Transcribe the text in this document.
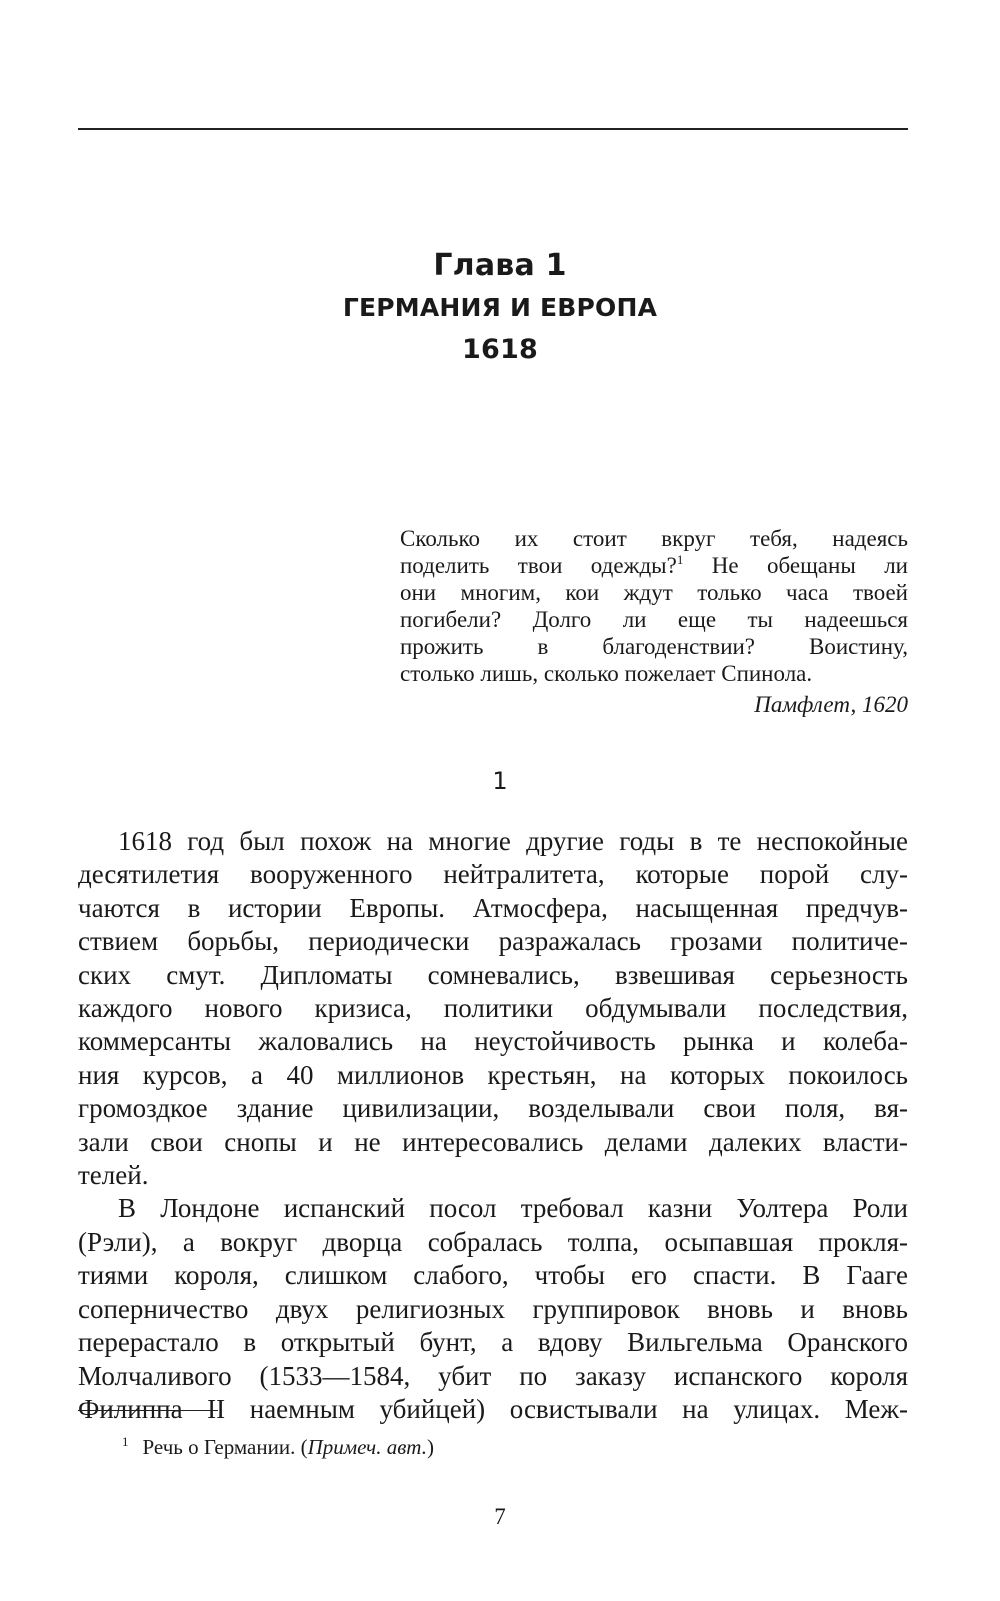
Глава 1
ГЕРМАНИЯ И ЕВРОПА
1618
Сколько их стоит вкруг тебя, надеясь
поделить твои одежды?$^1$ Не обещаны ли
они многим, кои ждут только часа твоей
погибели? Долго ли еще ты надеешься
прожить в благоденствии? Воистину,
столько лишь, сколько пожелает Спинола.
Памфлет, 1620
1
1618 год был похож на многие другие годы в те неспокойные
десятилетия вооруженного нейтралитета, которые порой слу-
чаются в истории Европы. Атмосфера, насыщенная предчув-
ствием борьбы, периодически разражалась грозами политиче-
ских смут. Дипломаты сомневались, взвешивая серьезность
каждого нового кризиса, политики обдумывали последствия,
коммерсанты жаловались на неустойчивость рынка и колеба-
ния курсов, а 40 миллионов крестьян, на которых покоилось
громоздкое здание цивилизации, возделывали свои поля, вя-
зали свои снопы и не интересовались делами далеких власти-
телей.
В Лондоне испанский посол требовал казни Уолтера Роли
(Рэли), а вокруг дворца собралась толпа, осыпавшая прокля-
тиями короля, слишком слабого, чтобы его спасти. В Гааге
соперничество двух религиозных группировок вновь и вновь
перерастало в открытый бунт, а вдову Вильгельма Оранского
Молчаливого (1533—1584, убит по заказу испанского короля
Филиппа II наемным убийцей) освистывали на улицах. Меж-
$^1$ Речь о Германии. (Примеч. авт.)
7
